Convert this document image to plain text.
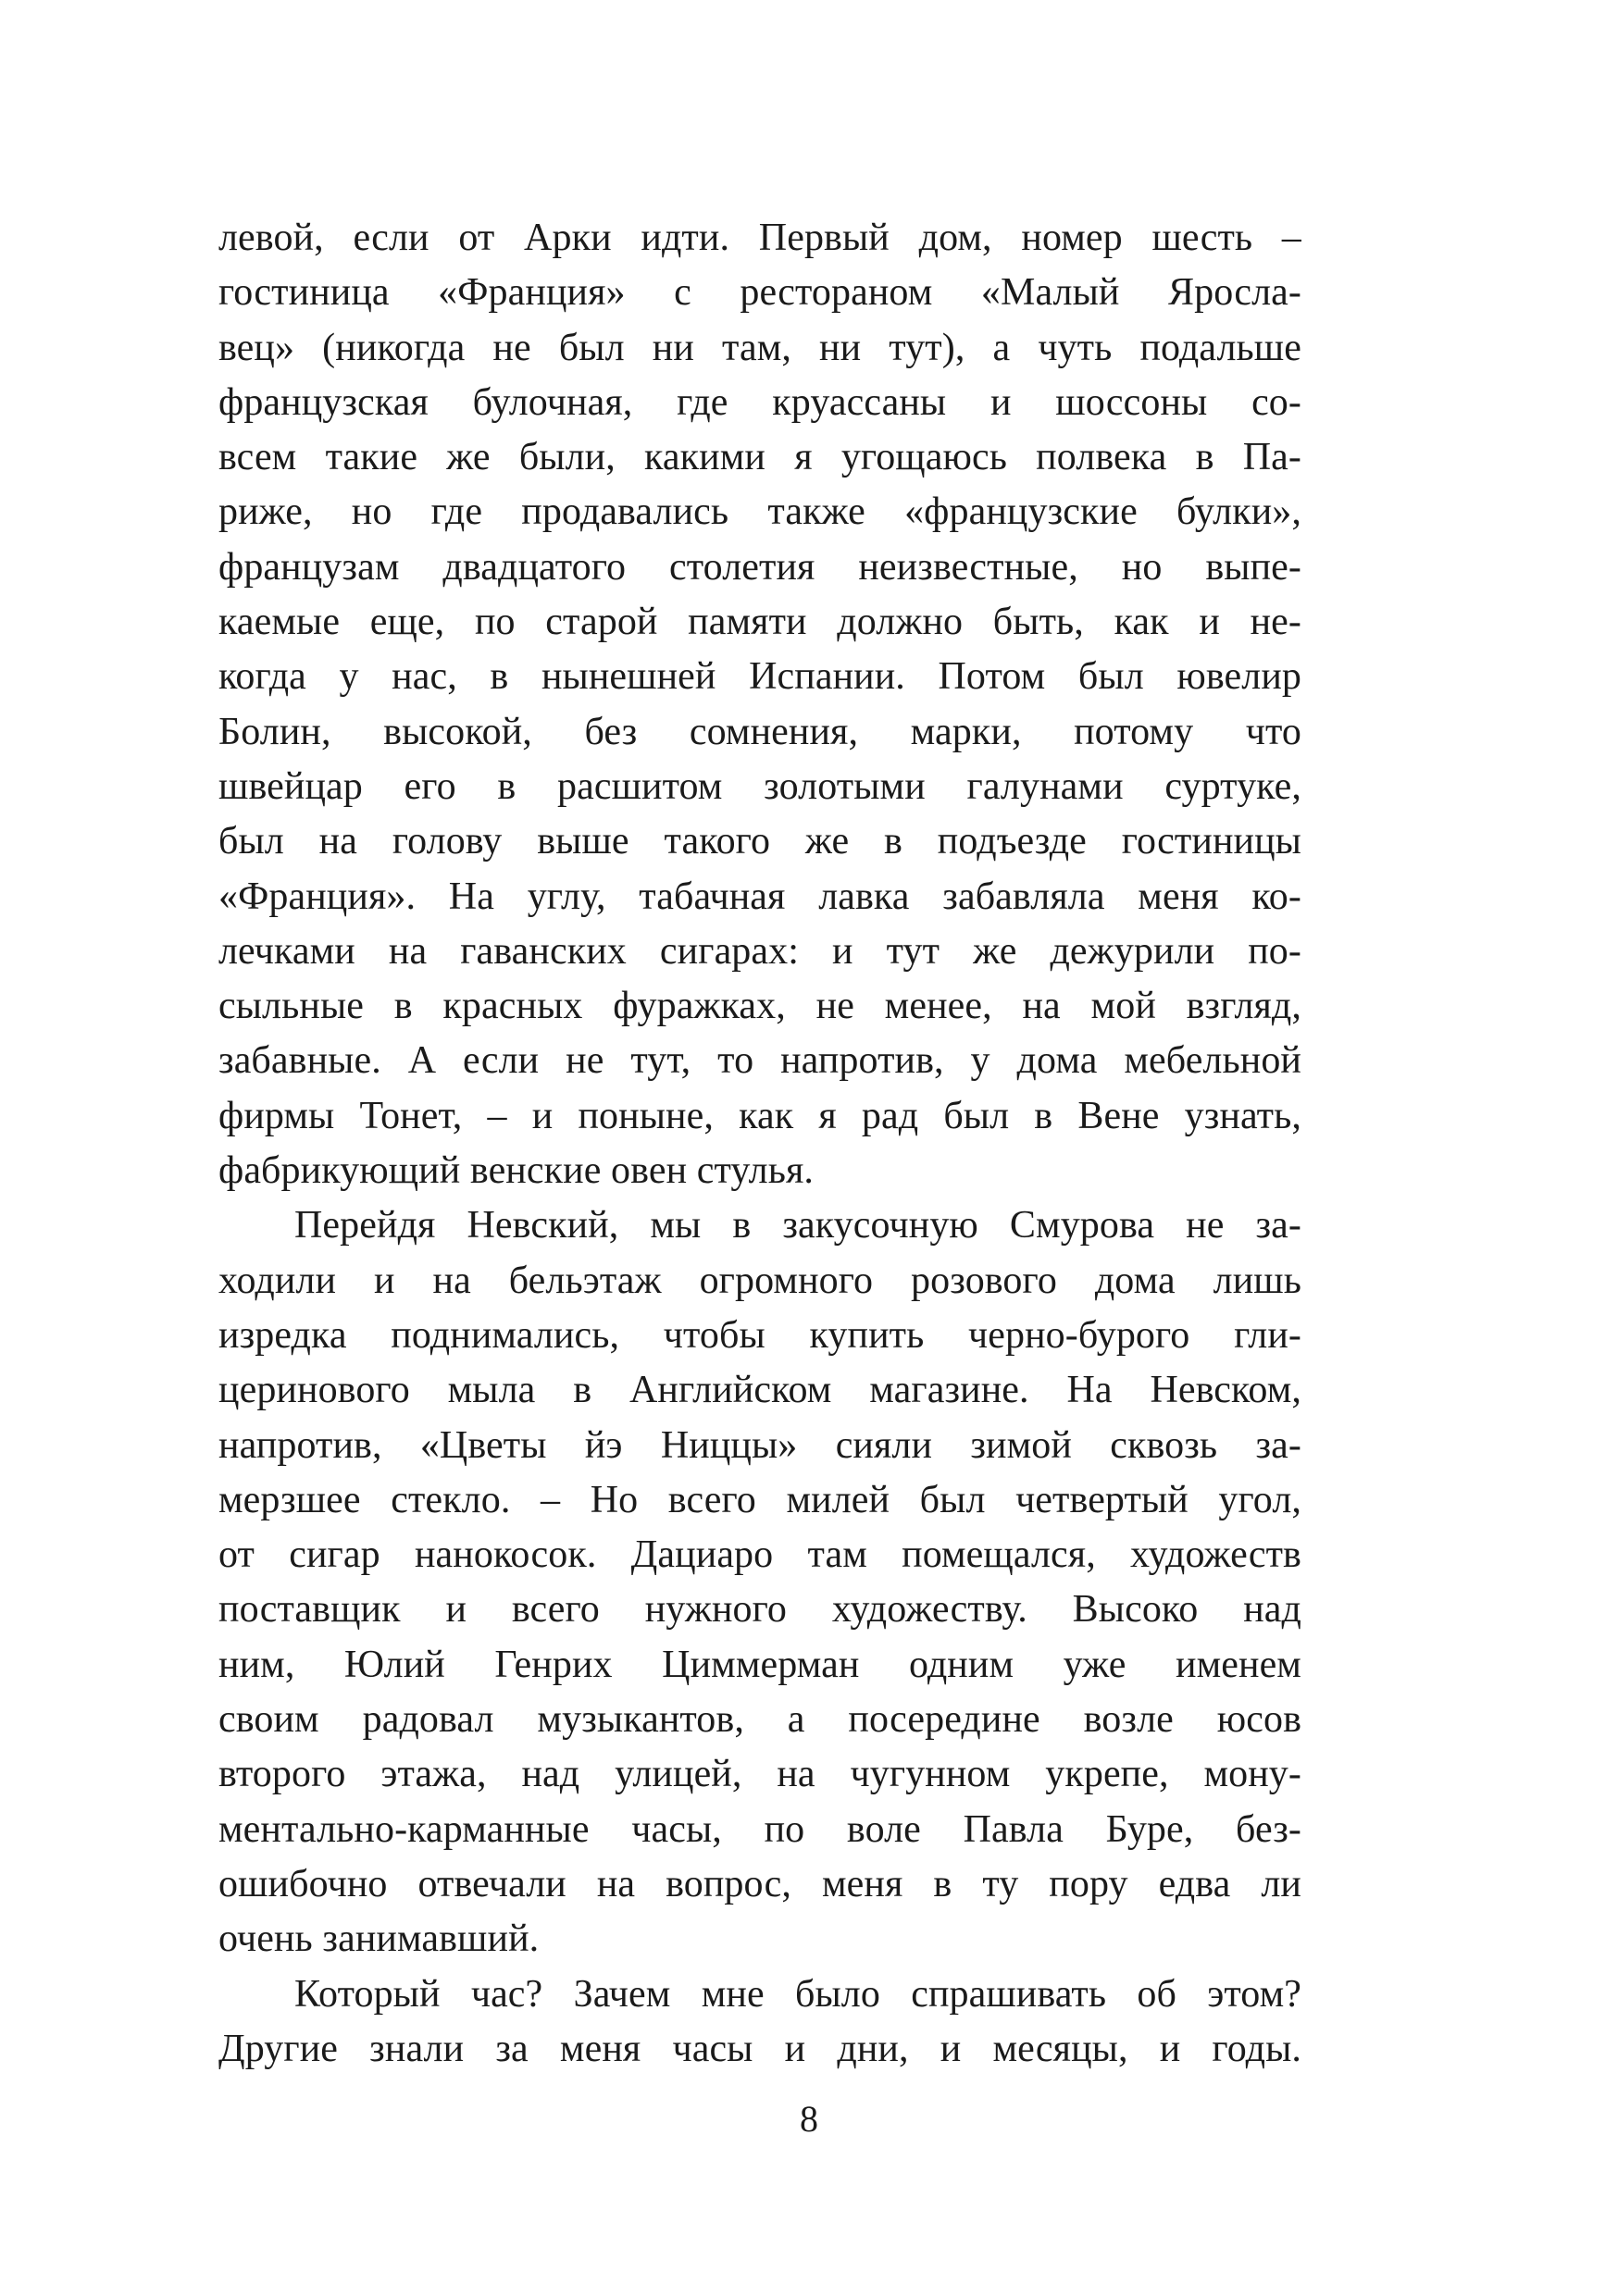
левой, если от Арки идти. Первый дом, номер шесть –
гостиница «Франция» с рестораном «Малый Яросла-
вец» (никогда не был ни там, ни тут), а чуть подальше
французская булочная, где круассаны и шоссоны со-
всем такие же были, какими я угощаюсь полвека в Па-
риже, но где продавались также «французские булки»,
французам двадцатого столетия неизвестные, но выпе-
каемые еще, по старой памяти должно быть, как и не-
когда у нас, в нынешней Испании. Потом был ювелир
Болин, высокой, без сомнения, марки, потому что
швейцар его в расшитом золотыми галунами суртуке,
был на голову выше такого же в подъезде гостиницы
«Франция». На углу, табачная лавка забавляла меня ко-
лечками на гаванских сигарах: и тут же дежурили по-
сыльные в красных фуражках, не менее, на мой взгляд,
забавные. А если не тут, то напротив, у дома мебельной
фирмы Тонет, – и поныне, как я рад был в Вене узнать,
фабрикующий венские овен стулья.
Перейдя Невский, мы в закусочную Смурова не за-
ходили и на бельэтаж огромного розового дома лишь
изредка поднимались, чтобы купить черно-бурого гли-
церинового мыла в Английском магазине. На Невском,
напротив, «Цветы йэ Ниццы» сияли зимой сквозь за-
мерзшее стекло. – Но всего милей был четвертый угол,
от сигар нанокосок. Дациаро там помещался, художеств
поставщик и всего нужного художеству. Высоко над
ним, Юлий Генрих Циммерман одним уже именем
своим радовал музыкантов, а посередине возле юсов
второго этажа, над улицей, на чугунном укрепе, мону-
ментально-карманные часы, по воле Павла Буре, без-
ошибочно отвечали на вопрос, меня в ту пору едва ли
очень занимавший.
Который час? Зачем мне было спрашивать об этом?
Другие знали за меня часы и дни, и месяцы, и годы.
8
